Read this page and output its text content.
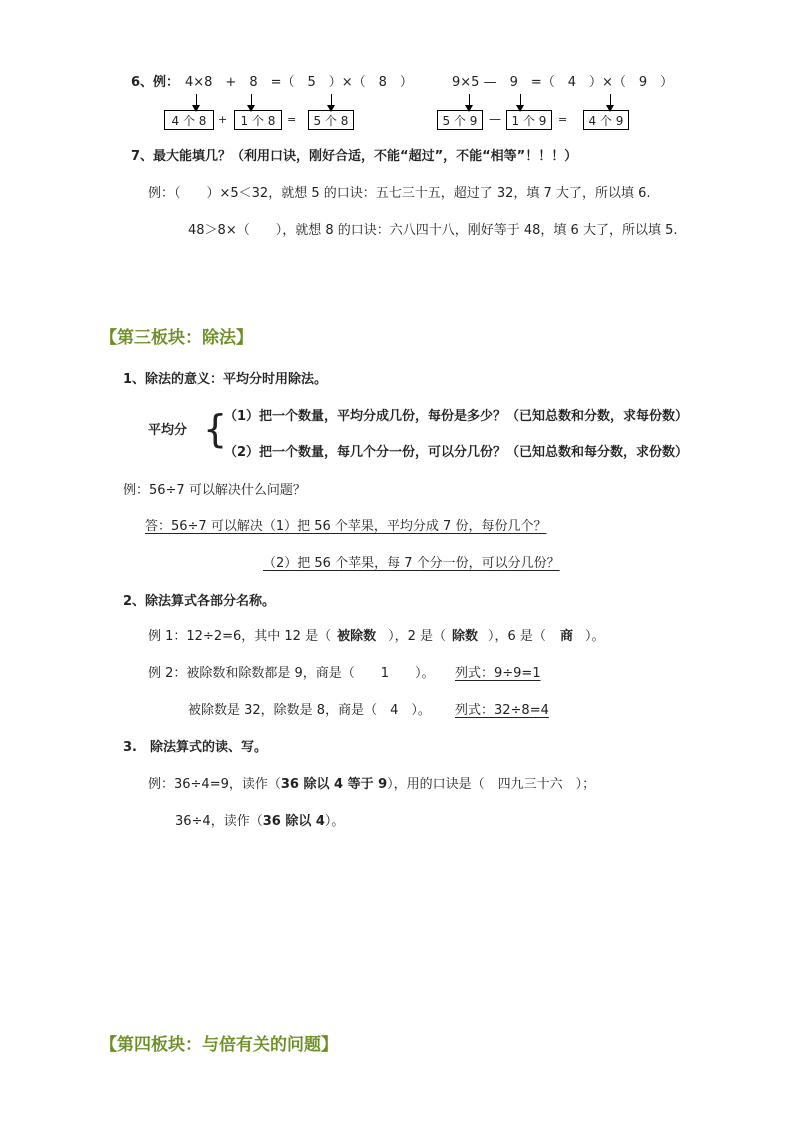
6、例： 4×8　+　8　=（　5　）×（　8　）	9×5 —　9　=（　4　）×（　9　）
4 个 8	+	1 个 8	=	5 个 8	5 个 9 — 1 个 9	=	4 个 9
7、最大能填几？（利用口诀，刚好合适，不能“超过”，不能“相等”！！！）
例：（　　）×5＜32，就想 5 的口诀：五七三十五，超过了 32，填 7 大了，所以填 6.
48＞8×（　　），就想 8 的口诀：六八四十八，刚好等于 48，填 6 大了，所以填 5.
【第三板块：除法】
1、除法的意义：平均分时用除法。
平均分 {
（1）把一个数量，平均分成几份，每份是多少？（已知总数和分数，求每份数）
（2）把一个数量，每几个分一份，可以分几份？（已知总数和每分数，求份数）
例：56÷7 可以解决什么问题？
答：56÷7 可以解决（1）把 56 个苹果，平均分成 7 份，每份几个？
（2）把 56 个苹果，每 7 个分一份，可以分几份？
2、除法算式各部分名称。
例 1：12÷2=6，其中 12 是（ 被除数 ），2 是（ 除数 ），6 是（ 商 ）。
例 2：被除数和除数都是 9，商是（　　1　　）。 列式：9÷9=1
被除数是 32，除数是 8，商是（　4　）。 列式：32÷8=4
3.　除法算式的读、写。
例：36÷4=9，读作（36 除以 4 等于 9），用的口诀是（　四九三十六　）；
36÷4，读作（36 除以 4）。
【第四板块：与倍有关的问题】
